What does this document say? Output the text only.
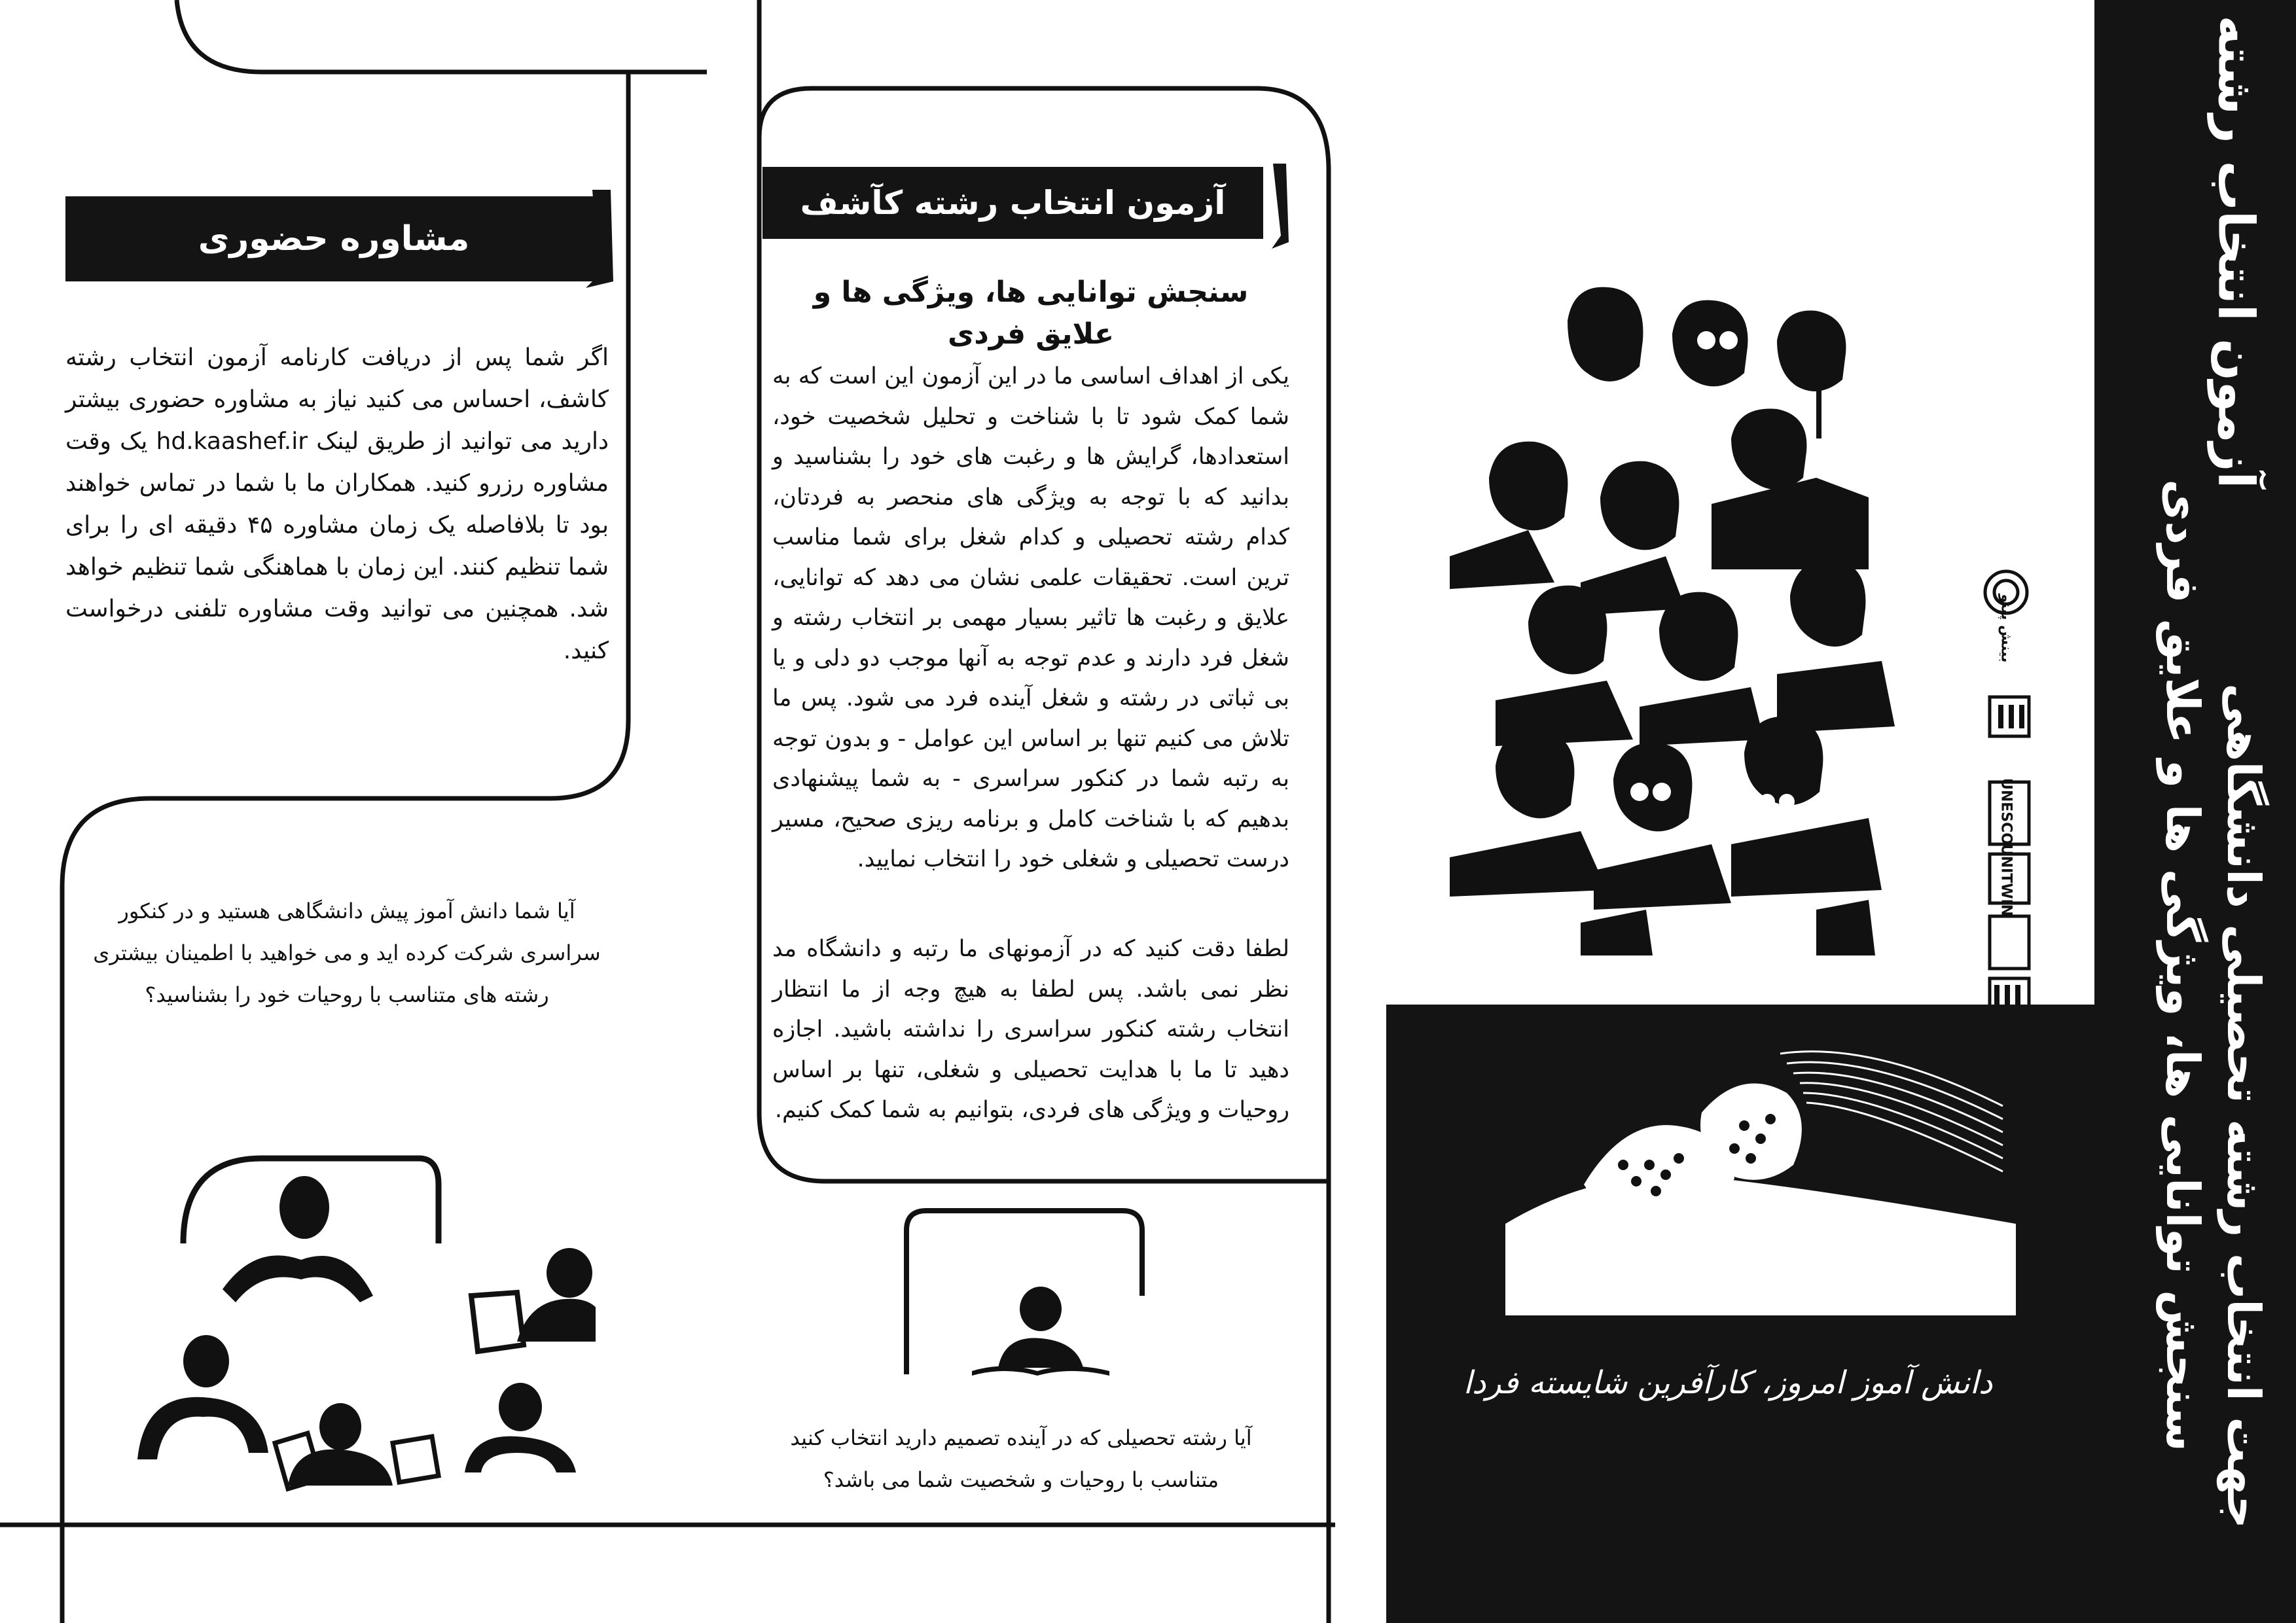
مشاوره حضوری

اگر شما پس از دریافت کارنامه آزمون انتخاب رشته کاشف، احساس می کنید نیاز به مشاوره حضوری بیشتر دارید می توانید از طریق لینک hd.kaashef.ir یک وقت مشاوره رزرو کنید. همکاران ما با شما در تماس خواهند بود تا بلافاصله یک زمان مشاوره ۴۵ دقیقه ای را برای شما تنظیم کنند. این زمان با هماهنگی شما تنظیم خواهد شد. همچنین می توانید وقت مشاوره تلفنی درخواست کنید.

آیا شما دانش آموز پیش دانشگاهی هستید و در کنکور سراسری شرکت کرده اید و می خواهید با اطمینان بیشتری رشته های متناسب با روحیات خود را بشناسید؟
آزمون انتخاب رشته کآشف

سنجش توانایی ها، ویژگی ها و علایق فردی

یکی از اهداف اساسی ما در این آزمون این است که به شما کمک شود تا با شناخت و تحلیل شخصیت خود، استعدادها، گرایش ها و رغبت های خود را بشناسید و بدانید که با توجه به ویژگی های منحصر به فردتان، کدام رشته تحصیلی و کدام شغل برای شما مناسب ترین است. تحقیقات علمی نشان می دهد که توانایی، علایق و رغبت ها تاثیر بسیار مهمی بر انتخاب رشته و شغل فرد دارند و عدم توجه به آنها موجب دو دلی و یا بی ثباتی در رشته و شغل آینده فرد می شود. پس ما تلاش می کنیم تنها بر اساس این عوامل - و بدون توجه به رتبه شما در کنکور سراسری - به شما پیشنهادی بدهیم که با شناخت کامل و برنامه ریزی صحیح، مسیر درست تحصیلی و شغلی خود را انتخاب نمایید.

لطفا دقت کنید که در آزمونهای ما رتبه و دانشگاه مد نظر نمی باشد. پس لطفا به هیچ وجه از ما انتظار انتخاب رشته کنکور سراسری را نداشته باشید. اجازه دهید تا ما با هدایت تحصیلی و شغلی، تنها بر اساس روحیات و ویژگی های فردی، بتوانیم به شما کمک کنیم.

آیا رشته تحصیلی که در آینده تصمیم دارید انتخاب کنید متناسب با روحیات و شخصیت شما می باشد؟
بینش پینو
UNESCO
UNITWIN
دانش آموز امروز، کارآفرین شایسته فردا
آزمون انتخاب رشته
سنجش توانایی ها، ویژگی ها و علایق فردی جهت انتخاب رشته تحصیلی دانشگاهی
